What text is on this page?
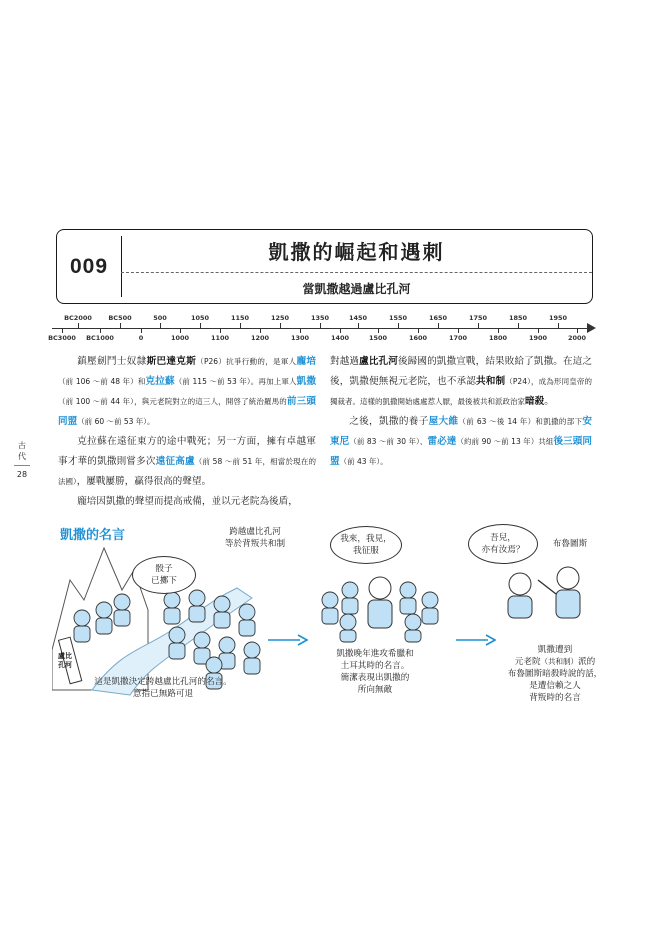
009
凱撒的崛起和遇刺
當凱撒越過盧比孔河
BC2000	BC500	500	1050	1150	1250	1350	1450	1550	1650	1750	1850	1950
BC3000 BC1000	0	1000	1100	1200	1300	1400	1500	1600	1700	1800	1900	2000
古
代
28

鎮壓劍鬥士奴隸斯巴達克斯（P26）抗爭行動的，是軍人龐培（前 106 ～前 48 年）和克拉蘇（前 115 ～前 53 年）。再加上軍人凱撒（前 100 ～前 44 年），與元老院對立的這三人，開啓了統治羅馬的前三頭同盟（前 60 ～前 53 年）。

克拉蘇在遠征東方的途中戰死；另一方面，擁有卓越軍事才華的凱撒則嘗多次遠征高盧（前 58 ～前 51 年，相當於現在的法國），屢戰屢勝，贏得很高的聲望。

龐培因凱撒的聲望而提高戒備，並以元老院為後盾，

對越過盧比孔河後歸國的凱撒宣戰，結果敗給了凱撒。在這之後，凱撒便無視元老院，也不承認共和制（P24），成為形同皇帝的獨裁者。這樣的凱撒開始處處惹人厭，最後被共和派政治家暗殺。

之後，凱撒的養子屋大維（前 63 ～後 14 年）和凱撒的部下安東尼（前 83 ～前 30 年）、雷必達（約前 90 ～前 13 年）共組後三頭同盟（前 43 年）。

凱撒的名言
盧比孔河
跨越盧比孔河
等於背叛共和制
骰子
已擲下
這是凱撒決定跨越盧比孔河的名言。
意指已無路可退
我來，我見，
我征服
凱撒晚年進攻希臘和
土耳其時的名言。
簡潔表現出凱撒的
所向無敵
吾兒，
亦有汝焉？
布魯圖斯
凱撒遭到
元老院（共和制）派的
布魯圖斯暗殺時說的話，
是遭信賴之人
背叛時的名言
